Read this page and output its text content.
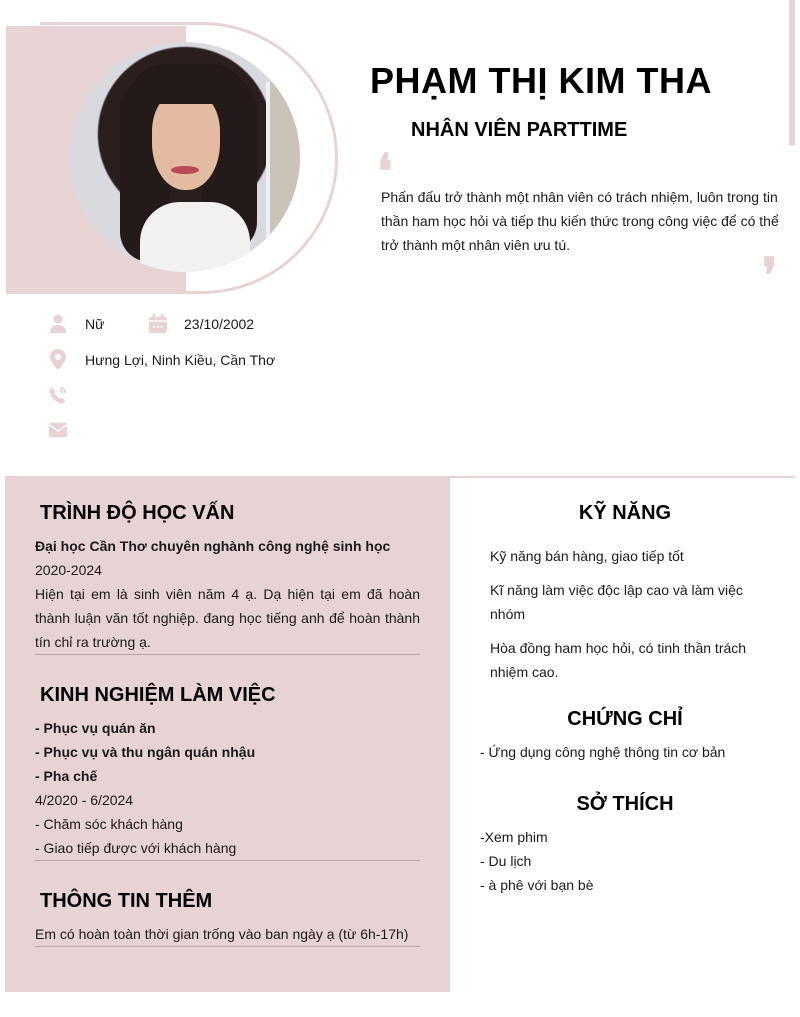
PHẠM THỊ KIM THA
NHÂN VIÊN PARTTIME
❛
Phấn đấu trở thành một nhân viên có trách nhiệm, luôn trong tin thần ham học hỏi và tiếp thu kiến thức trong công việc để có thể trở thành một nhân viên ưu tú.
❜
Nữ	23/10/2002
Hưng Lợi, Ninh Kiều, Cần Thơ
TRÌNH ĐỘ HỌC VẤN
Đại học Cần Thơ chuyên nghành công nghệ sinh học
2020-2024
Hiện tại em là sinh viên năm 4 ạ. Dạ hiện tại em đã hoàn thành luận văn tốt nghiệp. đang học tiếng anh để hoàn thành tín chỉ ra trường ạ.
KINH NGHIỆM LÀM VIỆC
- Phục vụ quán ăn
- Phục vụ và thu ngân quán nhậu
- Pha chế
4/2020 - 6/2024
- Chăm sóc khách hàng
- Giao tiếp được với khách hàng
THÔNG TIN THÊM
Em có hoàn toàn thời gian trống vào ban ngày ạ (từ 6h-17h)
KỸ NĂNG
Kỹ năng bán hàng, giao tiếp tốt
Kĩ năng làm việc độc lập cao và làm việc nhóm
Hòa đồng ham học hỏi, có tinh thần trách nhiệm cao.
CHỨNG CHỈ
- Ứng dụng công nghệ thông tin cơ bản
SỞ THÍCH
-Xem phim
- Du lịch
- à phê với bạn bè
